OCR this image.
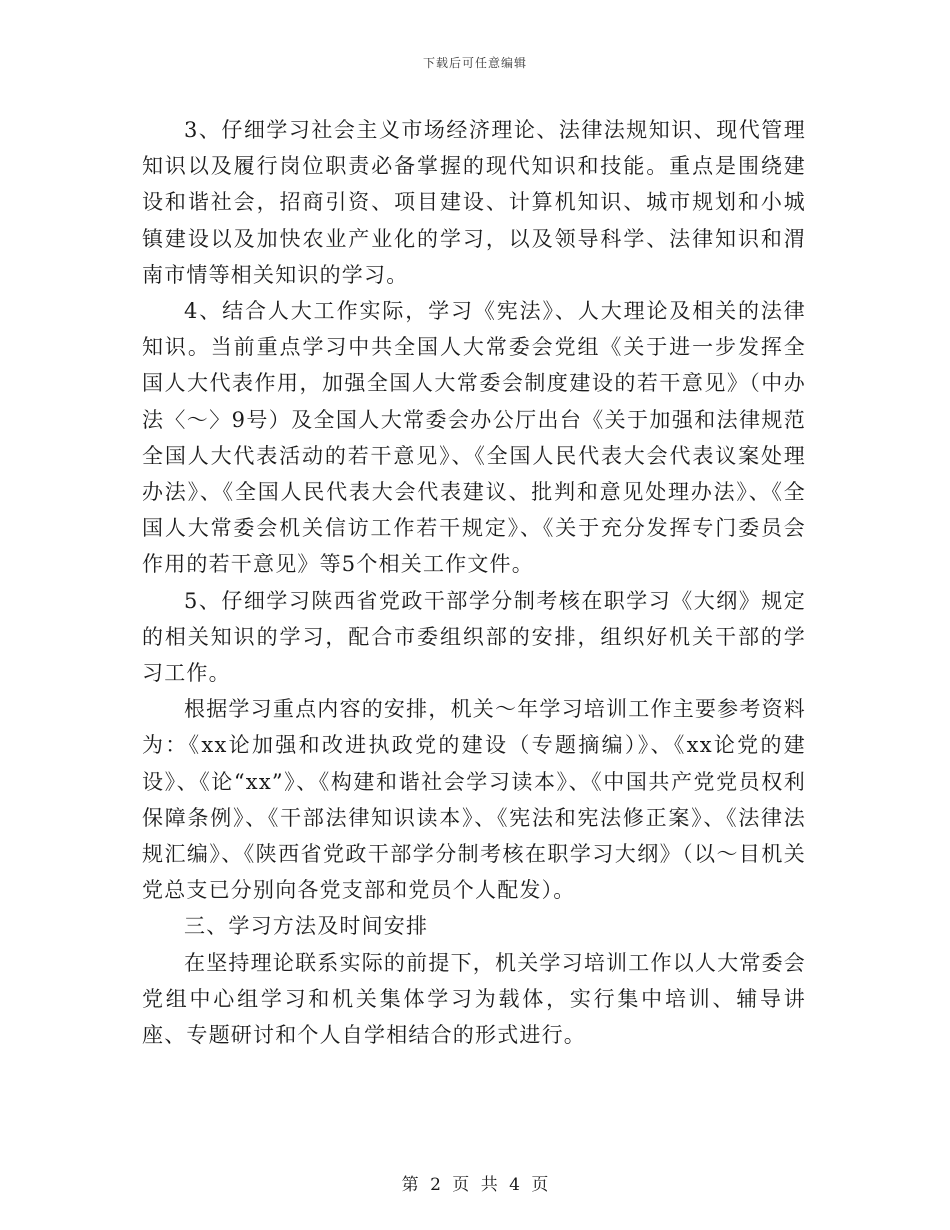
下载后可任意编辑

3、仔细学习社会主义市场经济理论、法律法规知识、现代管理知识以及履行岗位职责必备掌握的现代知识和技能。重点是围绕建设和谐社会，招商引资、项目建设、计算机知识、城市规划和小城镇建设以及加快农业产业化的学习，以及领导科学、法律知识和渭南市情等相关知识的学习。

4、结合人大工作实际，学习《宪法》、人大理论及相关的法律知识。当前重点学习中共全国人大常委会党组《关于进一步发挥全国人大代表作用，加强全国人大常委会制度建设的若干意见》（中办法〈～〉9号）及全国人大常委会办公厅出台《关于加强和法律规范全国人大代表活动的若干意见》、《全国人民代表大会代表议案处理办法》、《全国人民代表大会代表建议、批判和意见处理办法》、《全国人大常委会机关信访工作若干规定》、《关于充分发挥专门委员会作用的若干意见》等5个相关工作文件。

5、仔细学习陕西省党政干部学分制考核在职学习《大纲》规定的相关知识的学习，配合市委组织部的安排，组织好机关干部的学习工作。

根据学习重点内容的安排，机关～年学习培训工作主要参考资料为：《xx论加强和改进执政党的建设（专题摘编）》、《xx论党的建设》、《论“xx”》、《构建和谐社会学习读本》、《中国共产党党员权利保障条例》、《干部法律知识读本》、《宪法和宪法修正案》、《法律法规汇编》、《陕西省党政干部学分制考核在职学习大纲》（以～目机关党总支已分别向各党支部和党员个人配发）。

三、学习方法及时间安排

在坚持理论联系实际的前提下，机关学习培训工作以人大常委会党组中心组学习和机关集体学习为载体，实行集中培训、辅导讲座、专题研讨和个人自学相结合的形式进行。

第 2 页 共 4 页
